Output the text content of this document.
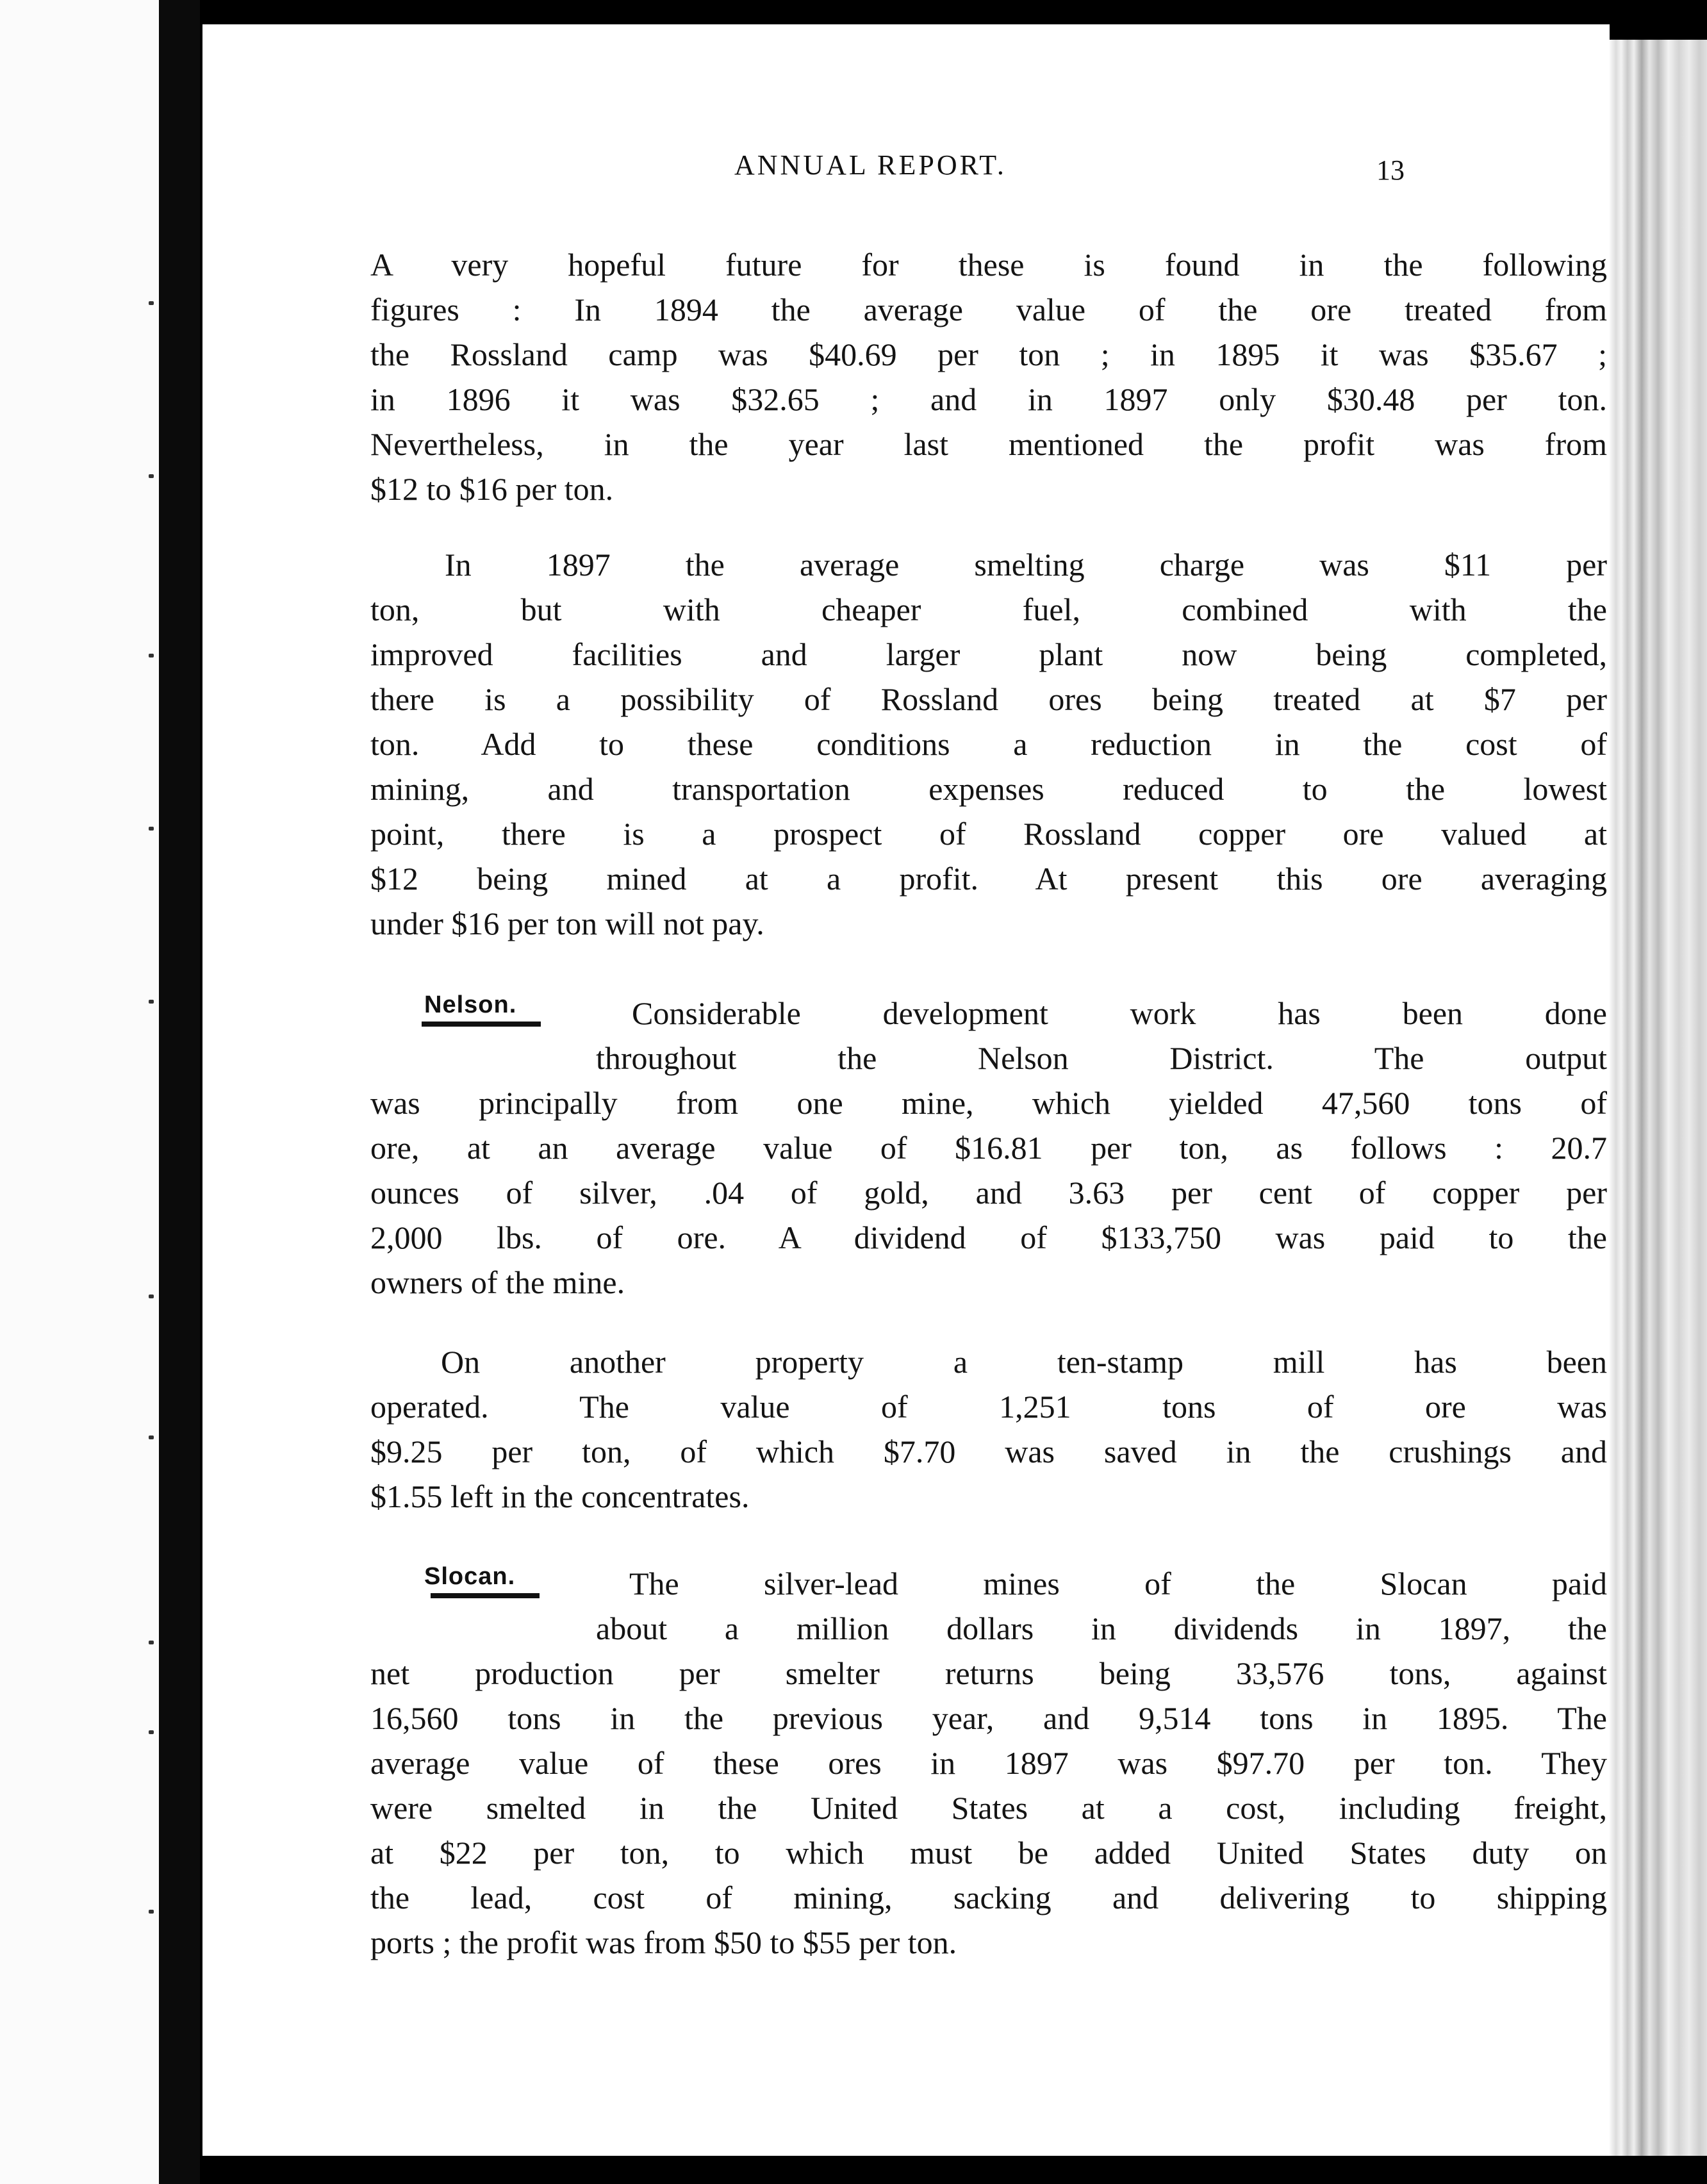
ANNUAL REPORT.	13
A very hopeful future for these is found in the following
figures : In 1894 the average value of the ore treated from
the Rossland camp was $40.69 per ton ; in 1895 it was $35.67 ;
in 1896 it was $32.65 ; and in 1897 only $30.48 per ton.
Nevertheless, in the year last mentioned the profit was from
$12 to $16 per ton.
In 1897 the average smelting charge was $11 per
ton, but with cheaper fuel, combined with the
improved facilities and larger plant now being completed,
there is a possibility of Rossland ores being treated at $7 per
ton. Add to these conditions a reduction in the cost of
mining, and transportation expenses reduced to the lowest
point, there is a prospect of Rossland copper ore valued at
$12 being mined at a profit. At present this ore averaging
under $16 per ton will not pay.
Nelson.	Considerable development work has been done
throughout the Nelson District. The output
was principally from one mine, which yielded 47,560 tons of
ore, at an average value of $16.81 per ton, as follows : 20.7
ounces of silver, .04 of gold, and 3.63 per cent of copper per
2,000 lbs. of ore. A dividend of $133,750 was paid to the
owners of the mine.
On another property a ten-stamp mill has been
operated. The value of 1,251 tons of ore was
$9.25 per ton, of which $7.70 was saved in the crushings and
$1.55 left in the concentrates.
Slocan.	The silver-lead mines of the Slocan paid
about a million dollars in dividends in 1897, the
net production per smelter returns being 33,576 tons, against
16,560 tons in the previous year, and 9,514 tons in 1895. The
average value of these ores in 1897 was $97.70 per ton. They
were smelted in the United States at a cost, including freight,
at $22 per ton, to which must be added United States duty on
the lead, cost of mining, sacking and delivering to shipping
ports ; the profit was from $50 to $55 per ton.
